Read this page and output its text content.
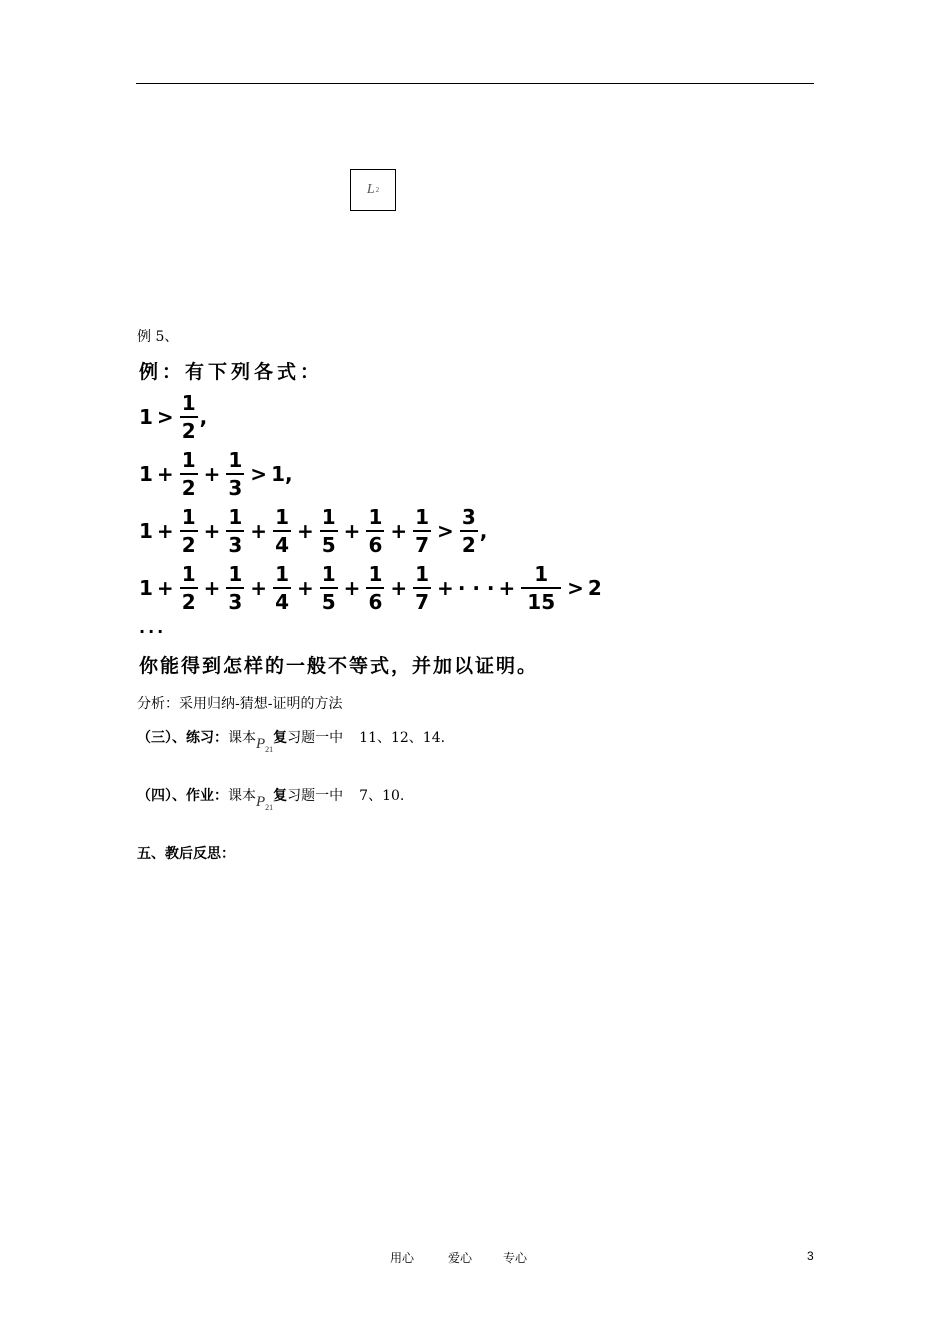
L 2
例 5、
例：有下列各式：
$1 > \frac{1}{2}$ ,
$1 + \frac{1}{2} + \frac{1}{3} > 1$ ,
$1 + \frac{1}{2} + \frac{1}{3} + \frac{1}{4} + \frac{1}{5} + \frac{1}{6} + \frac{1}{7} > \frac{3}{2}$ ,
$1 + \frac{1}{2} + \frac{1}{3} + \frac{1}{4} + \frac{1}{5} + \frac{1}{6} + \frac{1}{7}$ + · · · + $\frac{1}{15} > 2$
...
你能得到怎样的一般不等式，并加以证明。
分析：采用归纳-猜想-证明的方法
（三）、练习：课本$P_{21}$复习题一中 11、12、14.
（四）、作业：课本$P_{21}$复习题一中 7、10.
五、教后反思：
用心	爱心	专心	3
